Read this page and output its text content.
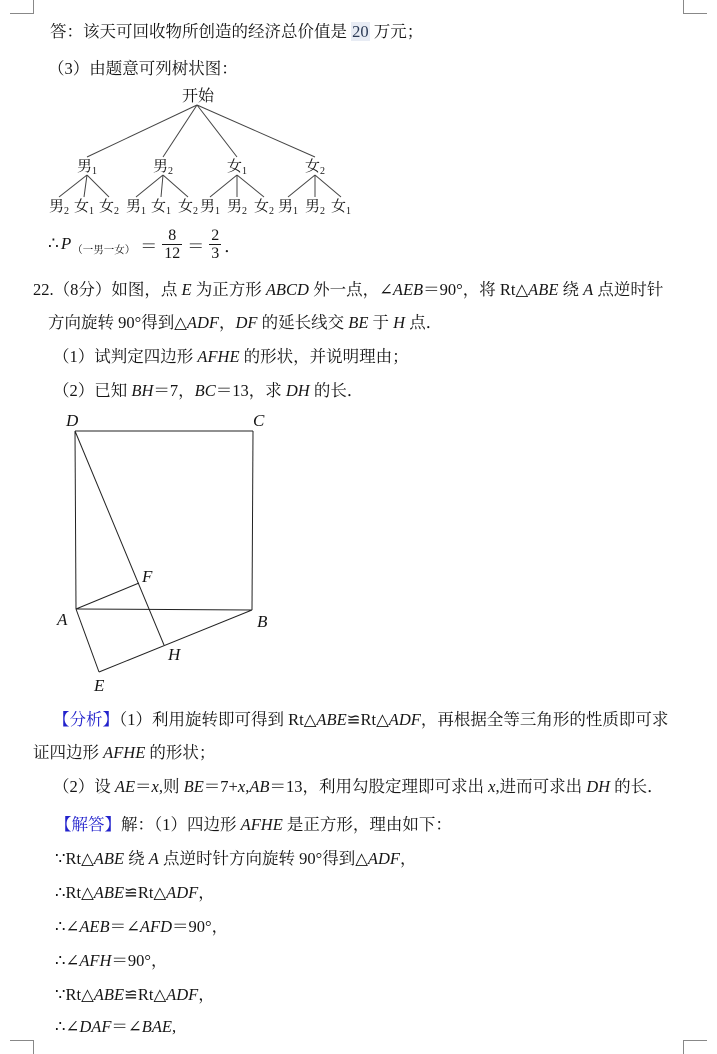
答：该天可回收物所创造的经济总价值是 20 万元；
（3）由题意可列树状图：
开始
男$_1$	男$_2$	女$_1$	女$_2$
男$_2$ 女$_1$ 女$_2$ 男$_1$ 女$_1$ 女$_2$ 男$_1$ 男$_2$ 女$_2$ 男$_1$ 男$_2$ 女$_1$
∴ P （一男一女） ＝ $\frac{8}{12} = \frac{2}{3}$ ．
22.（8分）如图，点 E 为正方形 ABCD 外一点，∠AEB＝90°，将 Rt△ABE 绕 A 点逆时针
方向旋转 90°得到△ADF，DF 的延长线交 BE 于 H 点．
（1）试判定四边形 AFHE 的形状，并说明理由；
（2）已知 BH＝7，BC＝13，求 DH 的长．
D	C
A	B
F
H
E
【分析】（1）利用旋转即可得到 Rt△ABE≌Rt△ADF，再根据全等三角形的性质即可求
证四边形 AFHE 的形状；
（2）设 AE＝x,则 BE＝7+x,AB＝13，利用勾股定理即可求出 x,进而可求出 DH 的长．
【解答】解：（1）四边形 AFHE 是正方形，理由如下：
∵Rt△ABE 绕 A 点逆时针方向旋转 90°得到△ADF，
∴Rt△ABE≌Rt△ADF，
∴∠AEB＝∠AFD＝90°，
∴∠AFH＝90°，
∵Rt△ABE≌Rt△ADF，
∴∠DAF＝∠BAE,
